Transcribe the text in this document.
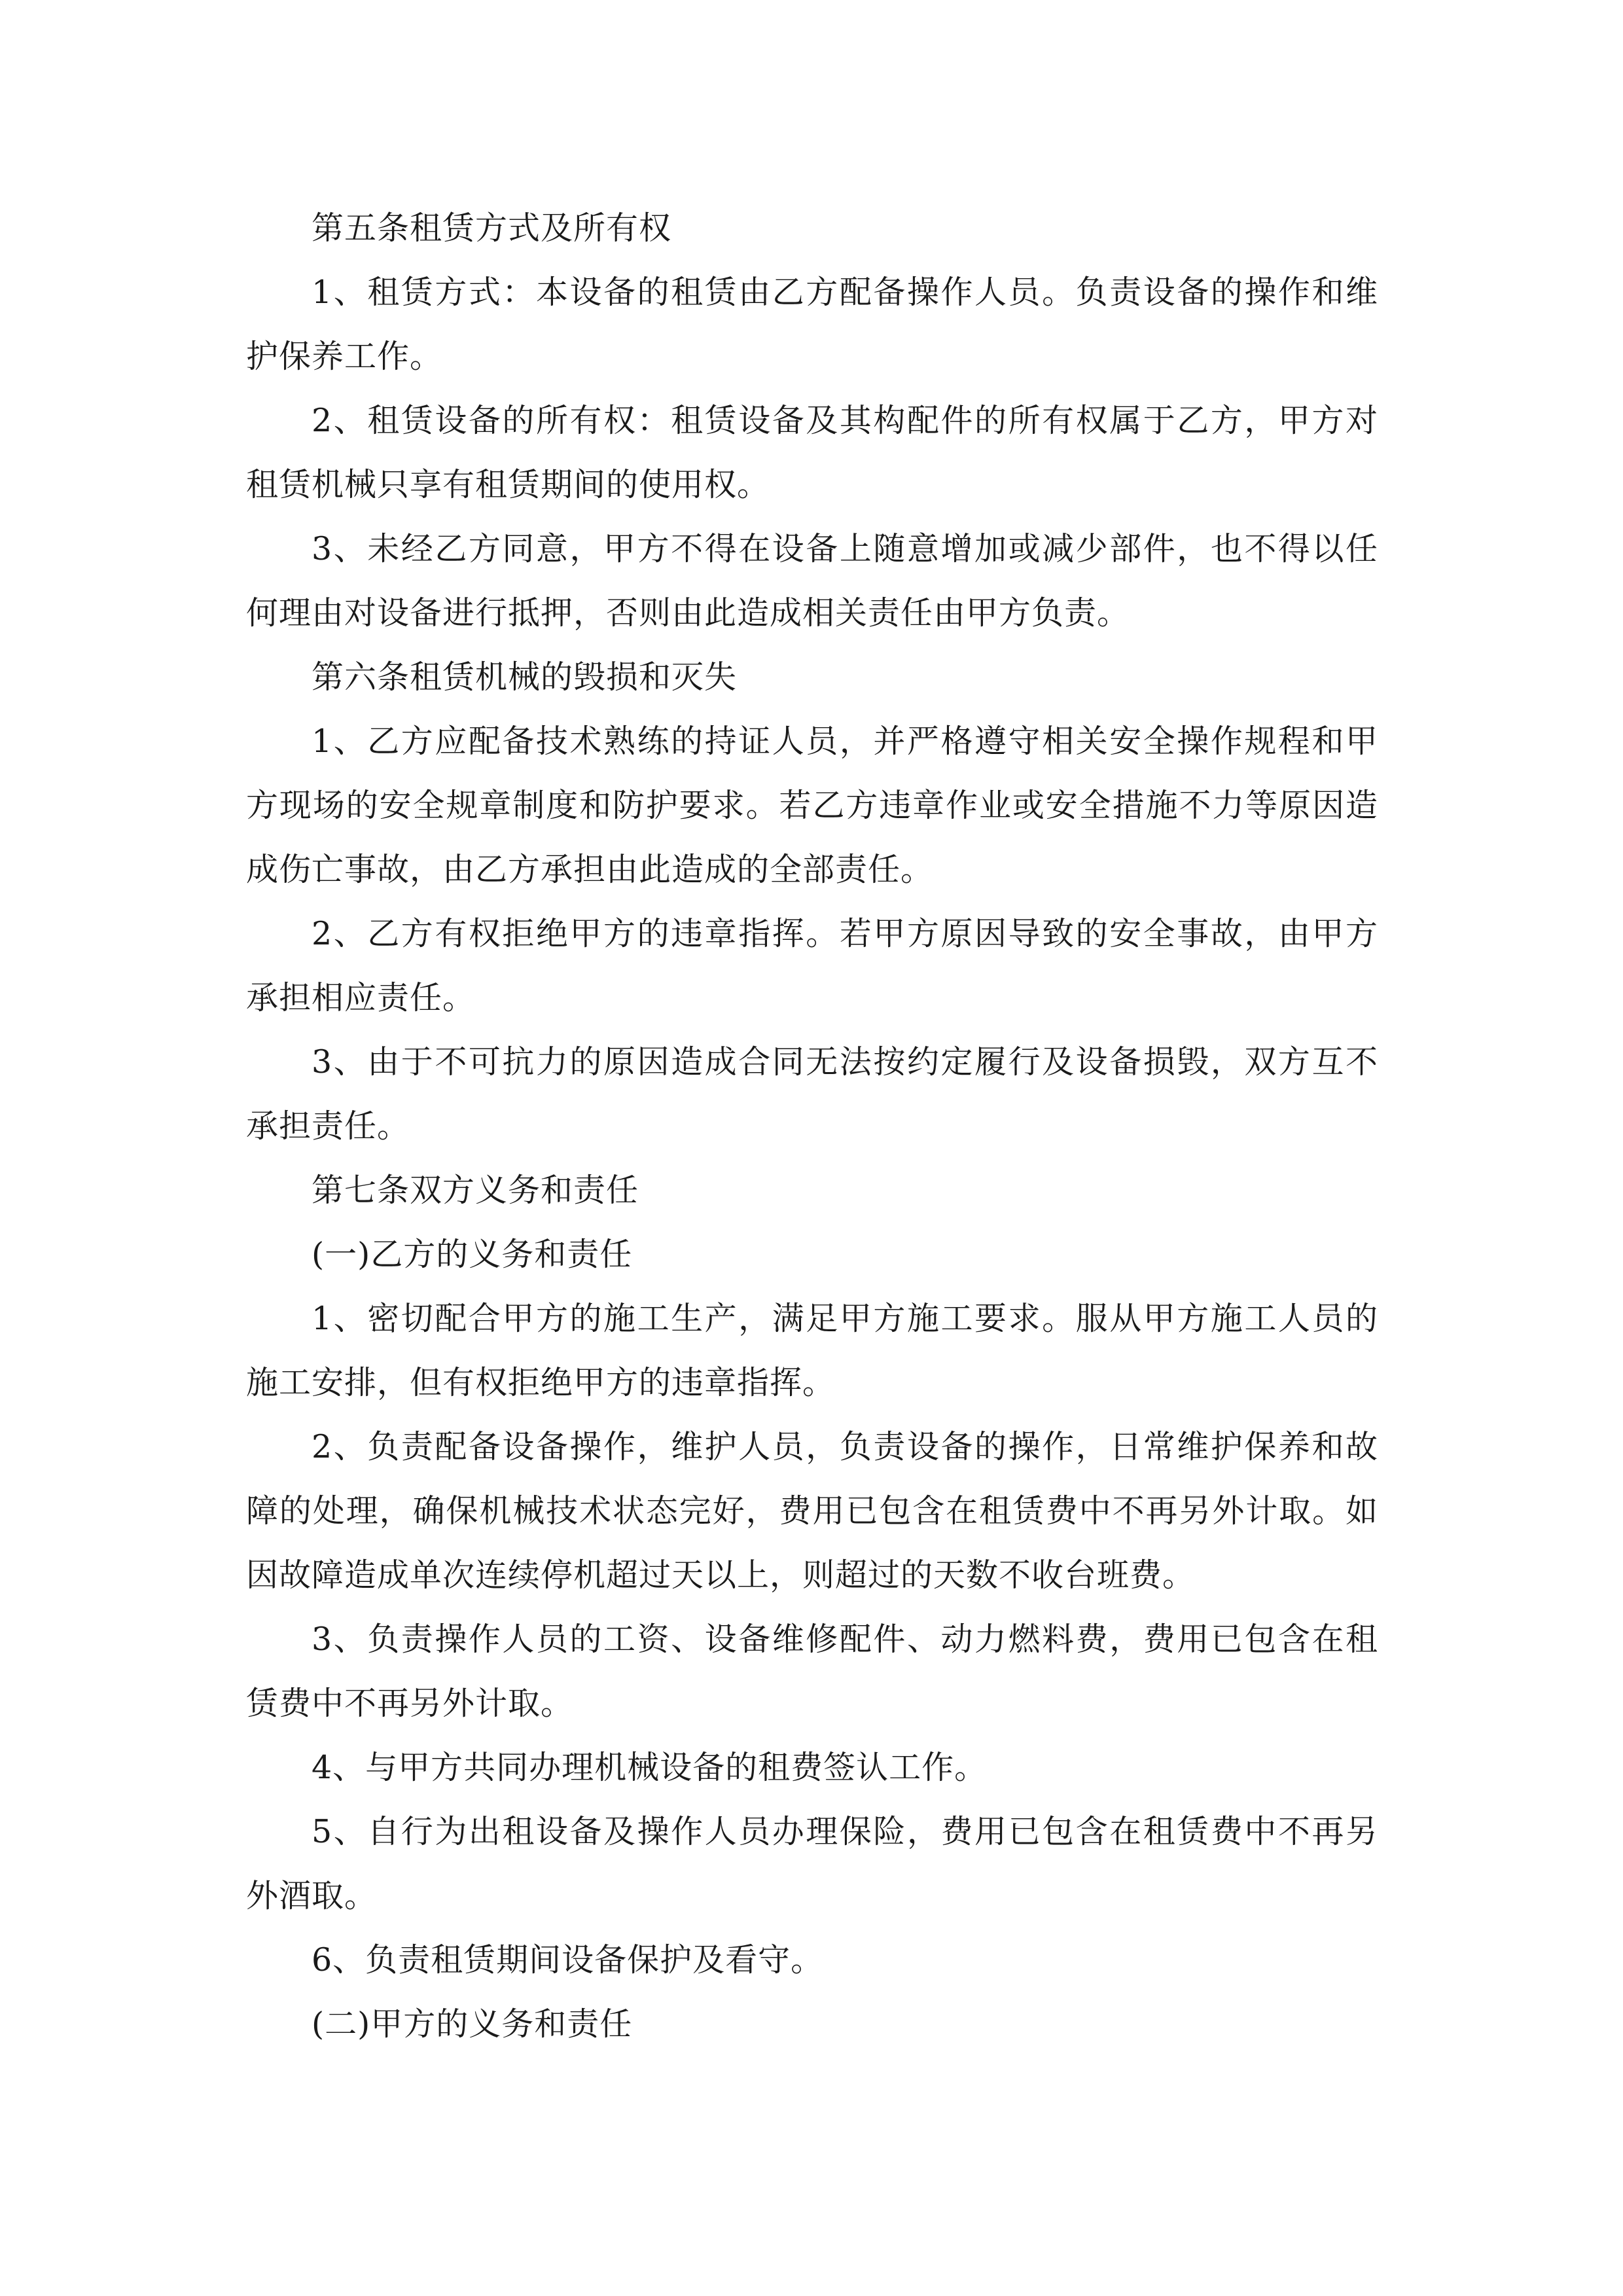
第五条租赁方式及所有权

1、租赁方式：本设备的租赁由乙方配备操作人员。负责设备的操作和维护保养工作。

2、租赁设备的所有权：租赁设备及其构配件的所有权属于乙方，甲方对租赁机械只享有租赁期间的使用权。

3、未经乙方同意，甲方不得在设备上随意增加或减少部件，也不得以任何理由对设备进行抵押，否则由此造成相关责任由甲方负责。

第六条租赁机械的毁损和灭失

1、乙方应配备技术熟练的持证人员，并严格遵守相关安全操作规程和甲方现场的安全规章制度和防护要求。若乙方违章作业或安全措施不力等原因造成伤亡事故，由乙方承担由此造成的全部责任。

2、乙方有权拒绝甲方的违章指挥。若甲方原因导致的安全事故，由甲方承担相应责任。

3、由于不可抗力的原因造成合同无法按约定履行及设备损毁，双方互不承担责任。

第七条双方义务和责任

(一)乙方的义务和责任

1、密切配合甲方的施工生产，满足甲方施工要求。服从甲方施工人员的施工安排，但有权拒绝甲方的违章指挥。

2、负责配备设备操作，维护人员，负责设备的操作，日常维护保养和故障的处理，确保机械技术状态完好，费用已包含在租赁费中不再另外计取。如因故障造成单次连续停机超过天以上，则超过的天数不收台班费。

3、负责操作人员的工资、设备维修配件、动力燃料费，费用已包含在租赁费中不再另外计取。

4、与甲方共同办理机械设备的租费签认工作。

5、自行为出租设备及操作人员办理保险，费用已包含在租赁费中不再另外酒取。

6、负责租赁期间设备保护及看守。

(二)甲方的义务和责任
